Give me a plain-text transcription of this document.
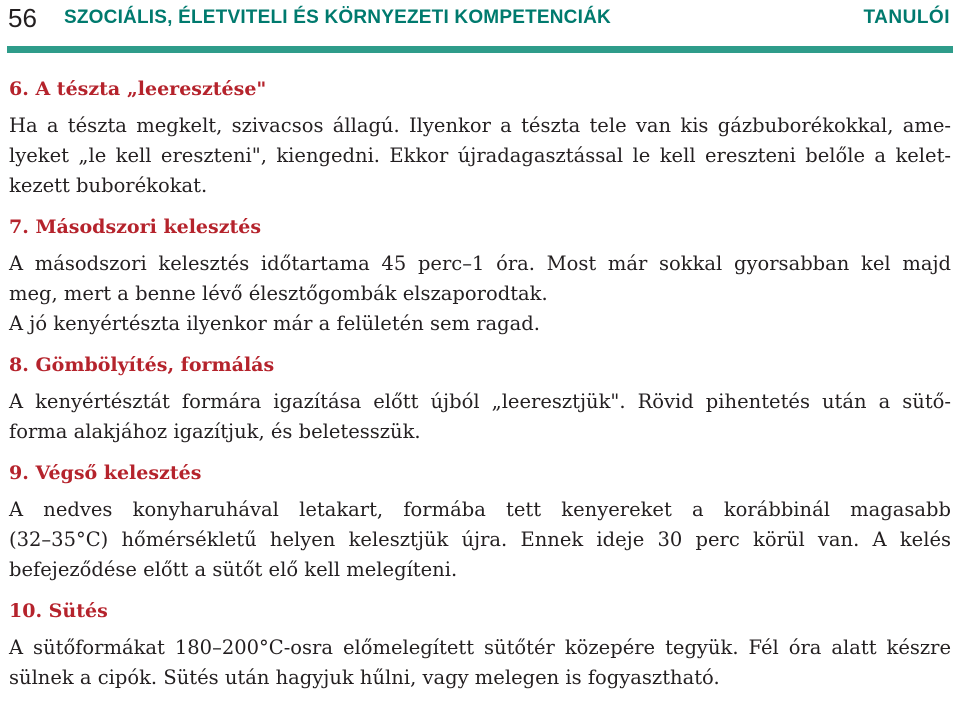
56 SZOCIÁLIS, ÉLETVITELI ÉS KÖRNYEZETI KOMPETENCIÁK	TANULÓI
6. A tészta „leeresztése"

Ha a tészta megkelt, szivacsos állagú. Ilyenkor a tészta tele van kis gázbuborékokkal, ame-
lyeket „le kell ereszteni", kiengedni. Ekkor újradagasztással le kell ereszteni belőle a kelet-
kezett buborékokat.

7. Másodszori kelesztés

A másodszori kelesztés időtartama 45 perc–1 óra. Most már sokkal gyorsabban kel majd
meg, mert a benne lévő élesztőgombák elszaporodtak.
A jó kenyértészta ilyenkor már a felületén sem ragad.

8. Gömbölyítés, formálás

A kenyértésztát formára igazítása előtt újból „leeresztjük". Rövid pihentetés után a sütő-
forma alakjához igazítjuk, és beletesszük.

9. Végső kelesztés

A nedves konyharuhával letakart, formába tett kenyereket a korábbinál magasabb
(32–35°C) hőmérsékletű helyen kelesztjük újra. Ennek ideje 30 perc körül van. A kelés
befejeződése előtt a sütőt elő kell melegíteni.

10. Sütés

A sütőformákat 180–200°C-osra előmelegített sütőtér közepére tegyük. Fél óra alatt készre
sülnek a cipók. Sütés után hagyjuk hűlni, vagy melegen is fogyasztható.
